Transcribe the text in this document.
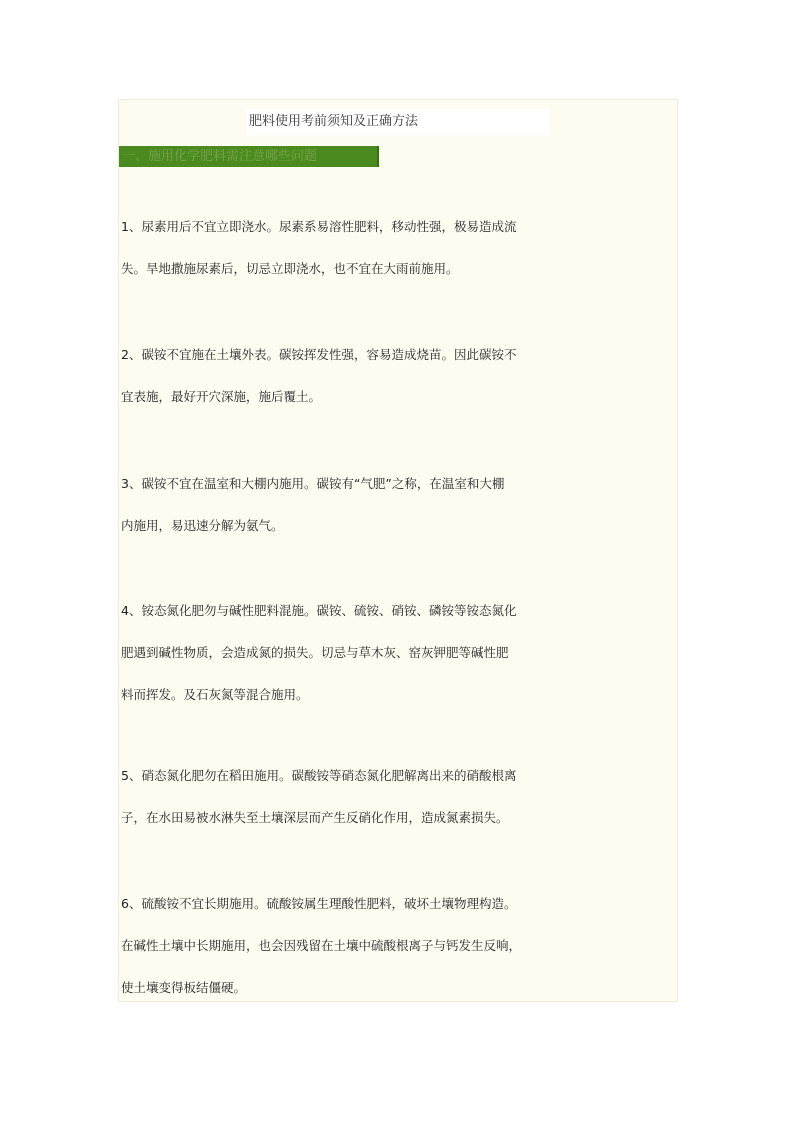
肥料使用考前须知及正确方法
一、施用化学肥料需注意哪些问题
1、尿素用后不宜立即浇水。尿素系易溶性肥料，移动性强，极易造成流
失。旱地撒施尿素后，切忌立即浇水，也不宜在大雨前施用。
2、碳铵不宜施在土壤外表。碳铵挥发性强，容易造成烧苗。因此碳铵不
宜表施，最好开穴深施，施后覆土。
3、碳铵不宜在温室和大棚内施用。碳铵有“气肥”之称，在温室和大棚
内施用，易迅速分解为氨气。
4、铵态氮化肥勿与碱性肥料混施。碳铵、硫铵、硝铵、磷铵等铵态氮化
肥遇到碱性物质，会造成氮的损失。切忌与草木灰、窑灰钾肥等碱性肥
料而挥发。及石灰氮等混合施用。
5、硝态氮化肥勿在稻田施用。碳酸铵等硝态氮化肥解离出来的硝酸根离
子，在水田易被水淋失至土壤深层而产生反硝化作用，造成氮素损失。
6、硫酸铵不宜长期施用。硫酸铵属生理酸性肥料，破坏土壤物理构造。
在碱性土壤中长期施用，也会因残留在土壤中硫酸根离子与钙发生反响，
使土壤变得板结僵硬。
